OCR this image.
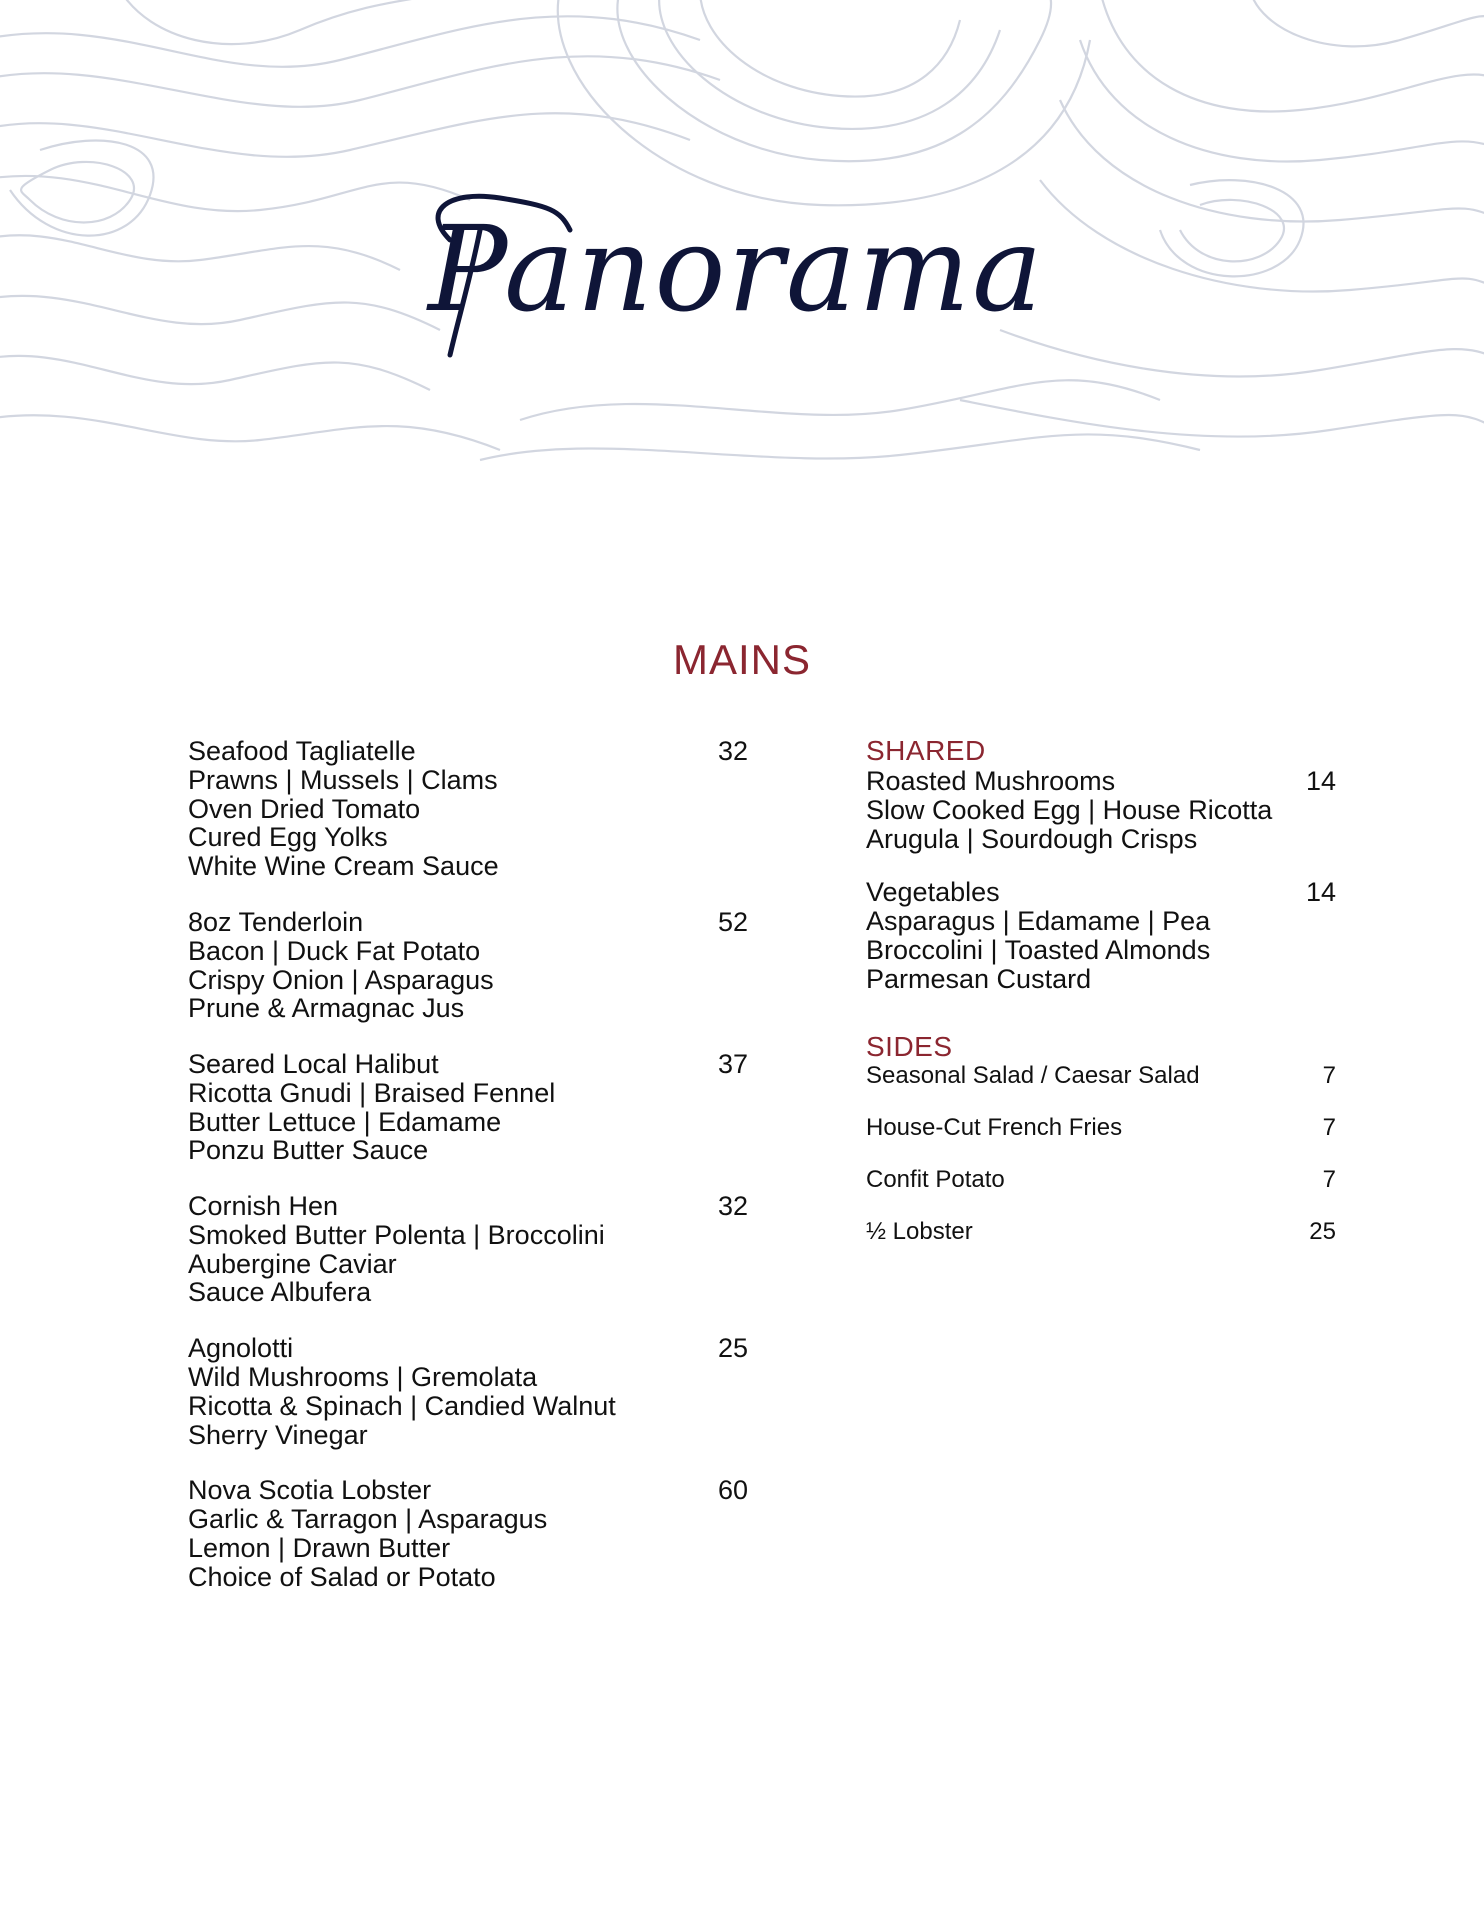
Panorama
MAINS
Seafood Tagliatelle	32
Prawns | Mussels | Clams
Oven Dried Tomato
Cured Egg Yolks
White Wine Cream Sauce
8oz Tenderloin	52
Bacon | Duck Fat Potato
Crispy Onion | Asparagus
Prune & Armagnac Jus
Seared Local Halibut	37
Ricotta Gnudi | Braised Fennel
Butter Lettuce | Edamame
Ponzu Butter Sauce
Cornish Hen	32
Smoked Butter Polenta | Broccolini
Aubergine Caviar
Sauce Albufera
Agnolotti	25
Wild Mushrooms | Gremolata
Ricotta & Spinach | Candied Walnut
Sherry Vinegar
Nova Scotia Lobster	60
Garlic & Tarragon | Asparagus
Lemon | Drawn Butter
Choice of Salad or Potato
SHARED
Roasted Mushrooms	14
Slow Cooked Egg | House Ricotta
Arugula | Sourdough Crisps
Vegetables	14
Asparagus | Edamame | Pea
Broccolini | Toasted Almonds
Parmesan Custard
SIDES
Seasonal Salad / Caesar Salad	7
House-Cut French Fries	7
Confit Potato	7
½ Lobster	25
